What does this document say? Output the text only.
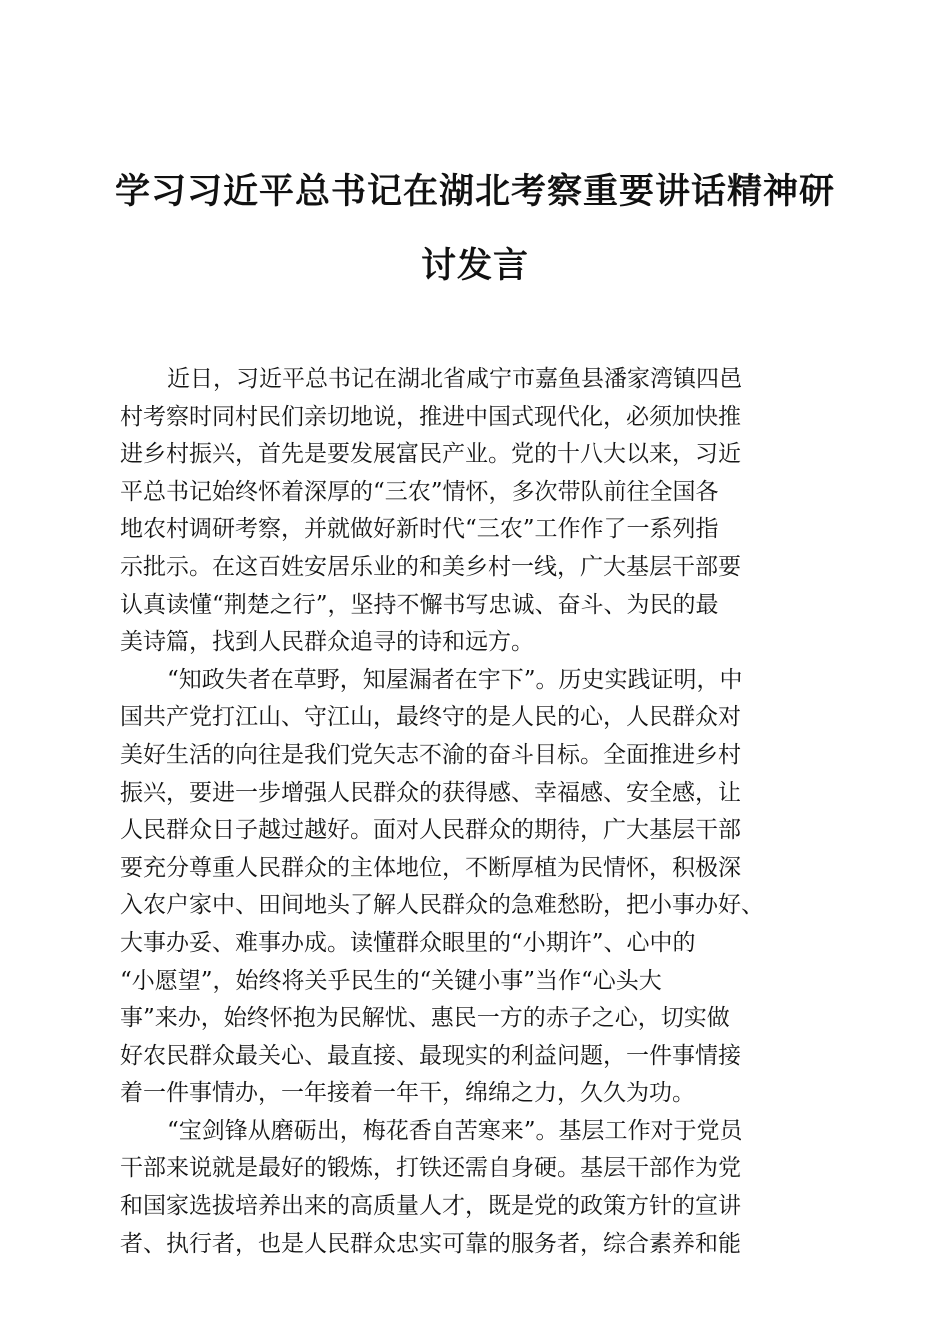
学习习近平总书记在湖北考察重要讲话精神研
讨发言
近日，习近平总书记在湖北省咸宁市嘉鱼县潘家湾镇四邑
村考察时同村民们亲切地说，推进中国式现代化，必须加快推
进乡村振兴，首先是要发展富民产业。党的十八大以来，习近
平总书记始终怀着深厚的“三农”情怀，多次带队前往全国各
地农村调研考察，并就做好新时代“三农”工作作了一系列指
示批示。在这百姓安居乐业的和美乡村一线，广大基层干部要
认真读懂“荆楚之行”，坚持不懈书写忠诚、奋斗、为民的最
美诗篇，找到人民群众追寻的诗和远方。
“知政失者在草野，知屋漏者在宇下”。历史实践证明，中
国共产党打江山、守江山，最终守的是人民的心，人民群众对
美好生活的向往是我们党矢志不渝的奋斗目标。全面推进乡村
振兴，要进一步增强人民群众的获得感、幸福感、安全感，让
人民群众日子越过越好。面对人民群众的期待，广大基层干部
要充分尊重人民群众的主体地位，不断厚植为民情怀，积极深
入农户家中、田间地头了解人民群众的急难愁盼，把小事办好、
大事办妥、难事办成。读懂群众眼里的“小期许”、心中的
“小愿望”，始终将关乎民生的“关键小事”当作“心头大
事”来办，始终怀抱为民解忧、惠民一方的赤子之心，切实做
好农民群众最关心、最直接、最现实的利益问题，一件事情接
着一件事情办，一年接着一年干，绵绵之力，久久为功。
“宝剑锋从磨砺出，梅花香自苦寒来”。基层工作对于党员
干部来说就是最好的锻炼，打铁还需自身硬。基层干部作为党
和国家选拔培养出来的高质量人才，既是党的政策方针的宣讲
者、执行者，也是人民群众忠实可靠的服务者，综合素养和能
